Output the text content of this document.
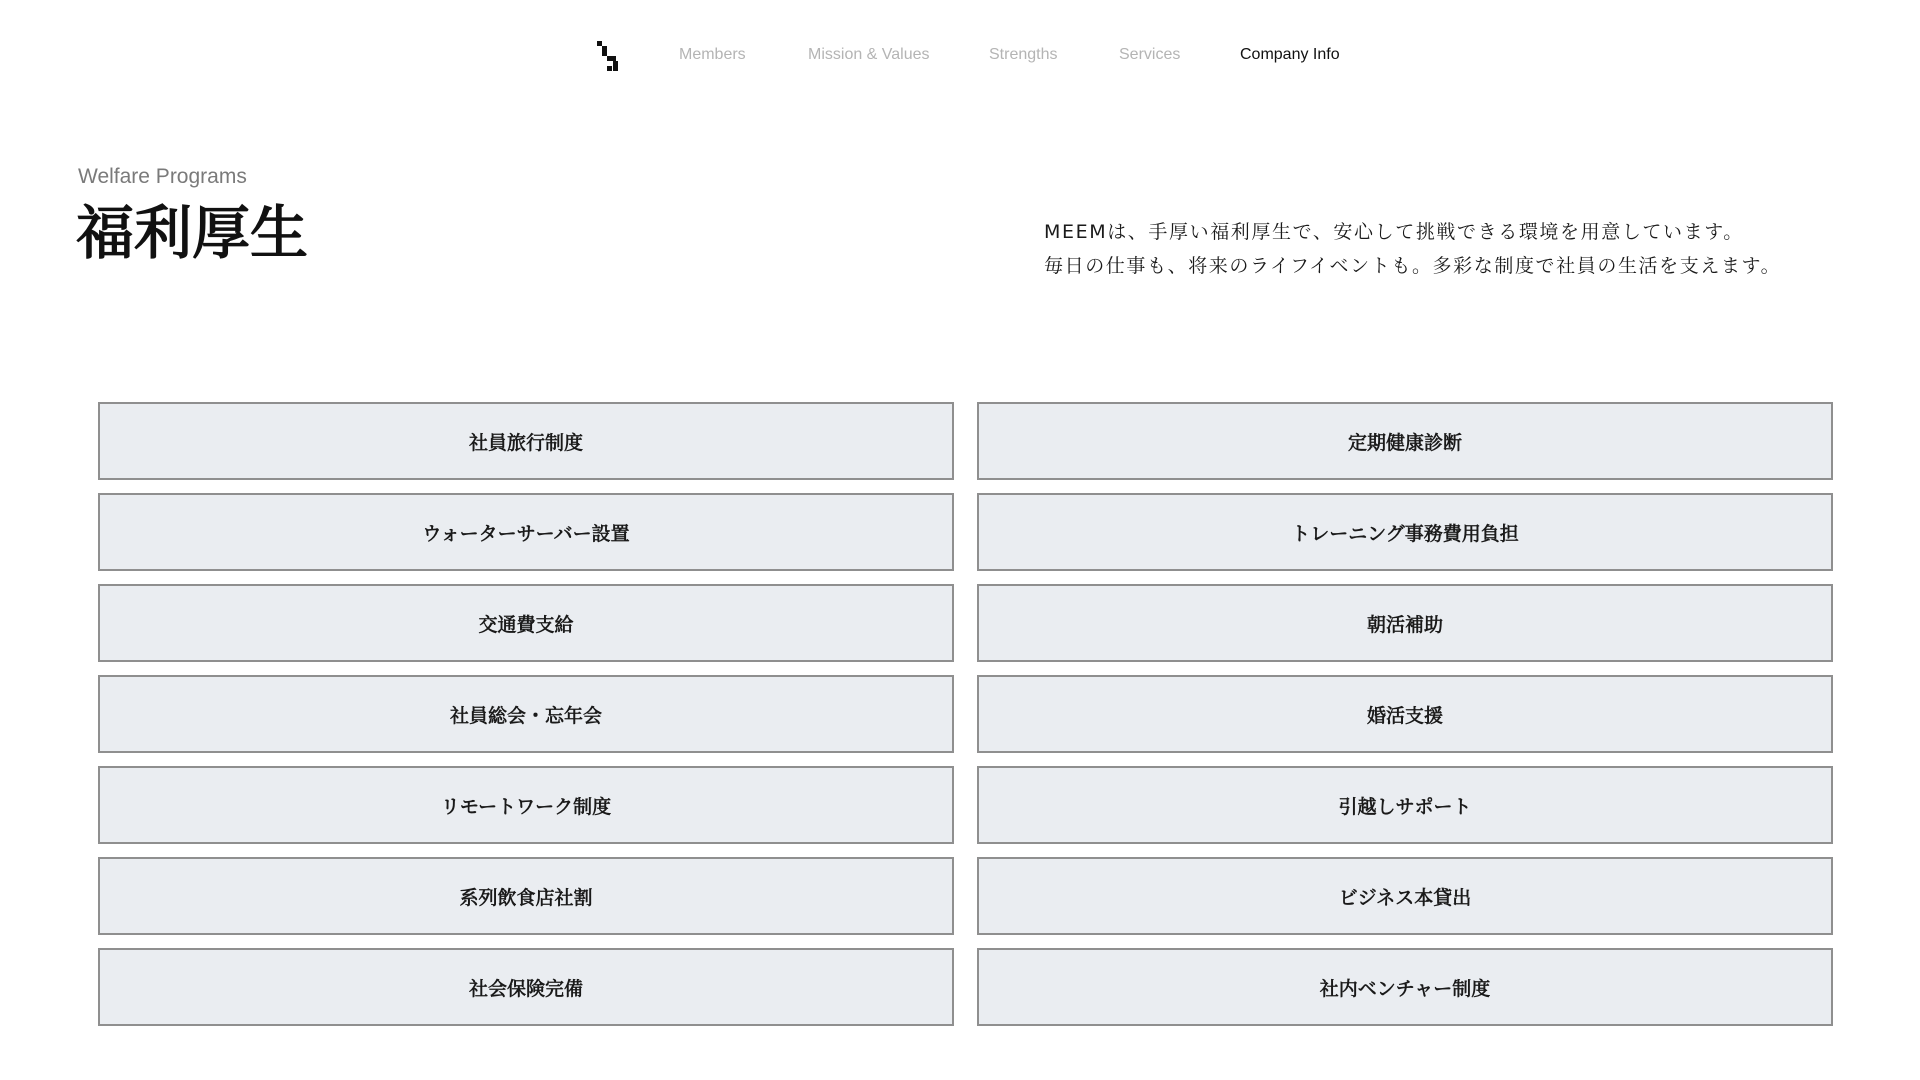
Members	Mission & Values	Strengths	Services	Company Info
Welfare Programs
福利厚生	MEEMは、手厚い福利厚生で、安心して挑戦できる環境を用意しています。

毎日の仕事も、将来のライフイベントも。多彩な制度で社員の生活を支えます。

社員旅行制度	定期健康診断
ウォーターサーバー設置	トレーニング事務費用負担
交通費支給	朝活補助
社員総会・忘年会	婚活支援
リモートワーク制度	引越しサポート
系列飲食店社割	ビジネス本貸出
社会保険完備	社内ベンチャー制度
